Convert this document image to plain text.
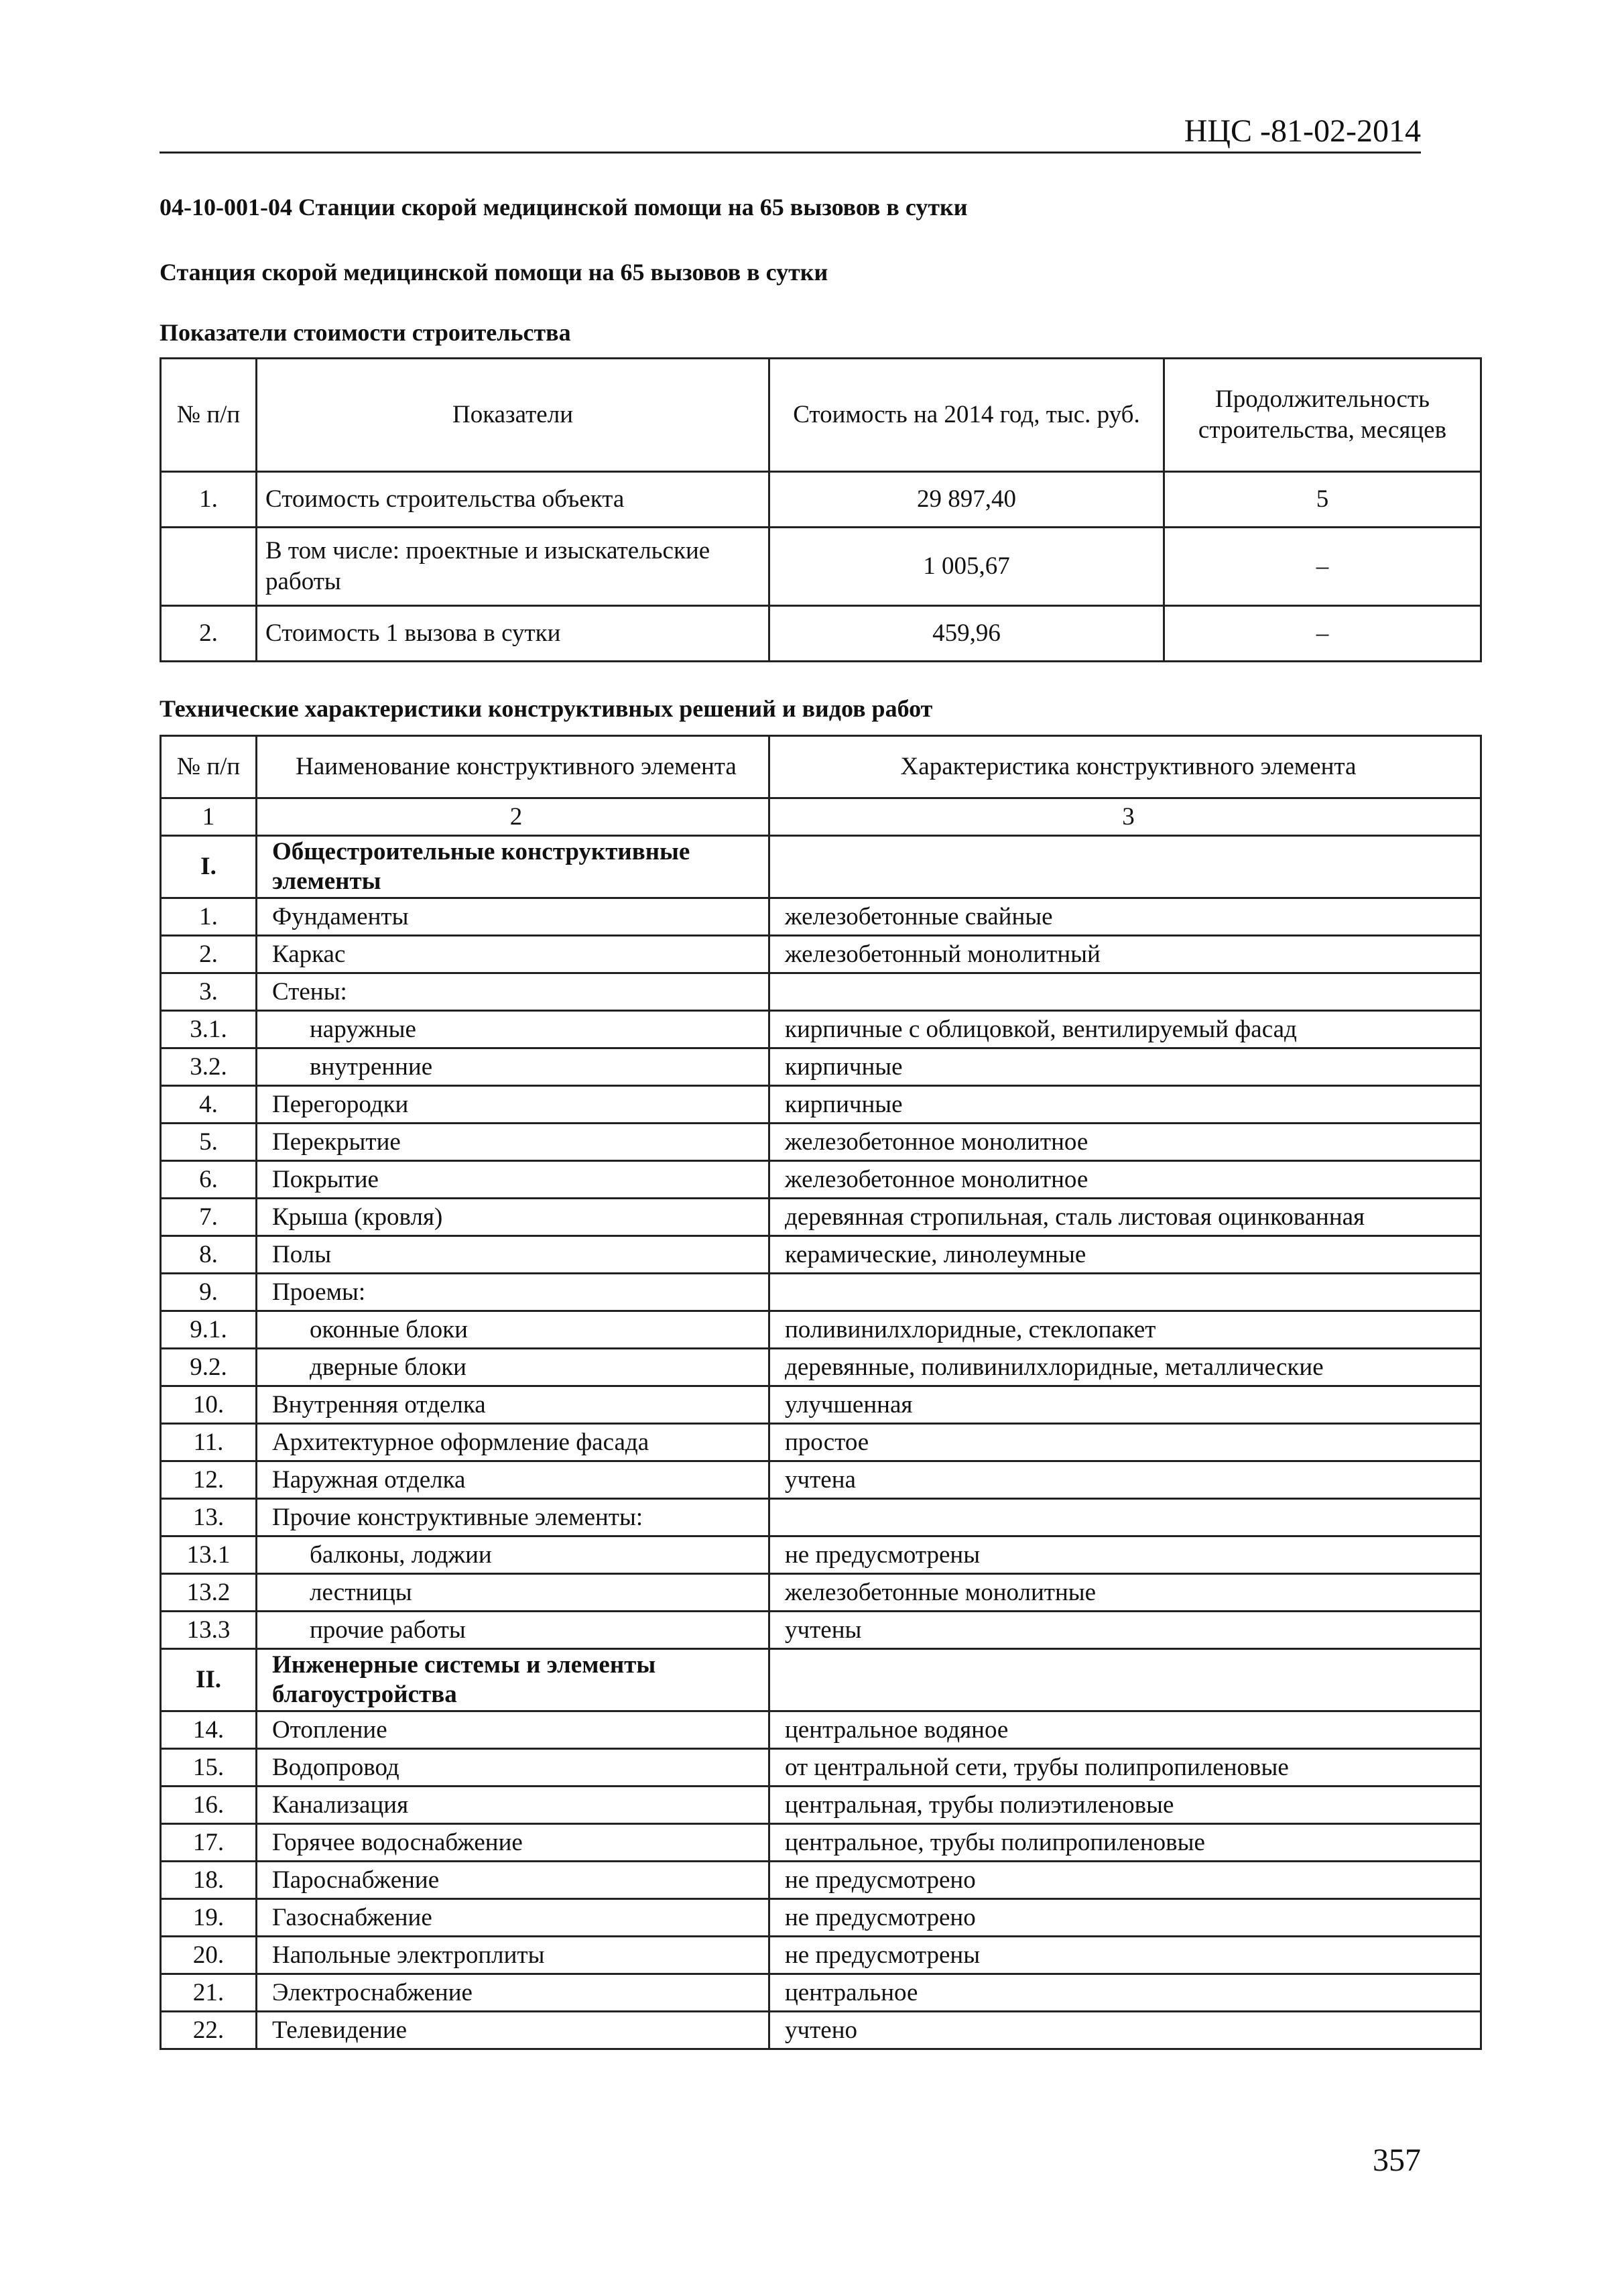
НЦС -81-02-2014
04-10-001-04 Станции скорой медицинской помощи на 65 вызовов в сутки
Станция скорой медицинской помощи на 65 вызовов в сутки
Показатели стоимости строительства
№ п/п	Показатели	Стоимость на 2014 год, тыс. руб.	Продолжительность строительства, месяцев
1.	Стоимость строительства объекта	29 897,40	5
	В том числе: проектные и изыскательские работы	1 005,67	–
2.	Стоимость 1 вызова в сутки	459,96	–
Технические характеристики конструктивных решений и видов работ
№ п/п	Наименование конструктивного элемента	Характеристика конструктивного элемента
1	2	3
I.	Общестроительные конструктивные элементы	
1.	Фундаменты	железобетонные свайные
2.	Каркас	железобетонный монолитный
3.	Стены:	
3.1.	наружные	кирпичные с облицовкой, вентилируемый фасад
3.2.	внутренние	кирпичные
4.	Перегородки	кирпичные
5.	Перекрытие	железобетонное монолитное
6.	Покрытие	железобетонное монолитное
7.	Крыша (кровля)	деревянная стропильная, сталь листовая оцинкованная
8.	Полы	керамические, линолеумные
9.	Проемы:	
9.1.	оконные блоки	поливинилхлоридные, стеклопакет
9.2.	дверные блоки	деревянные, поливинилхлоридные, металлические
10.	Внутренняя отделка	улучшенная
11.	Архитектурное оформление фасада	простое
12.	Наружная отделка	учтена
13.	Прочие конструктивные элементы:	
13.1	балконы, лоджии	не предусмотрены
13.2	лестницы	железобетонные монолитные
13.3	прочие работы	учтены
II.	Инженерные системы и элементы благоустройства	
14.	Отопление	центральное водяное
15.	Водопровод	от центральной сети, трубы полипропиленовые
16.	Канализация	центральная, трубы полиэтиленовые
17.	Горячее водоснабжение	центральное, трубы полипропиленовые
18.	Пароснабжение	не предусмотрено
19.	Газоснабжение	не предусмотрено
20.	Напольные электроплиты	не предусмотрены
21.	Электроснабжение	центральное
22.	Телевидение	учтено
357
